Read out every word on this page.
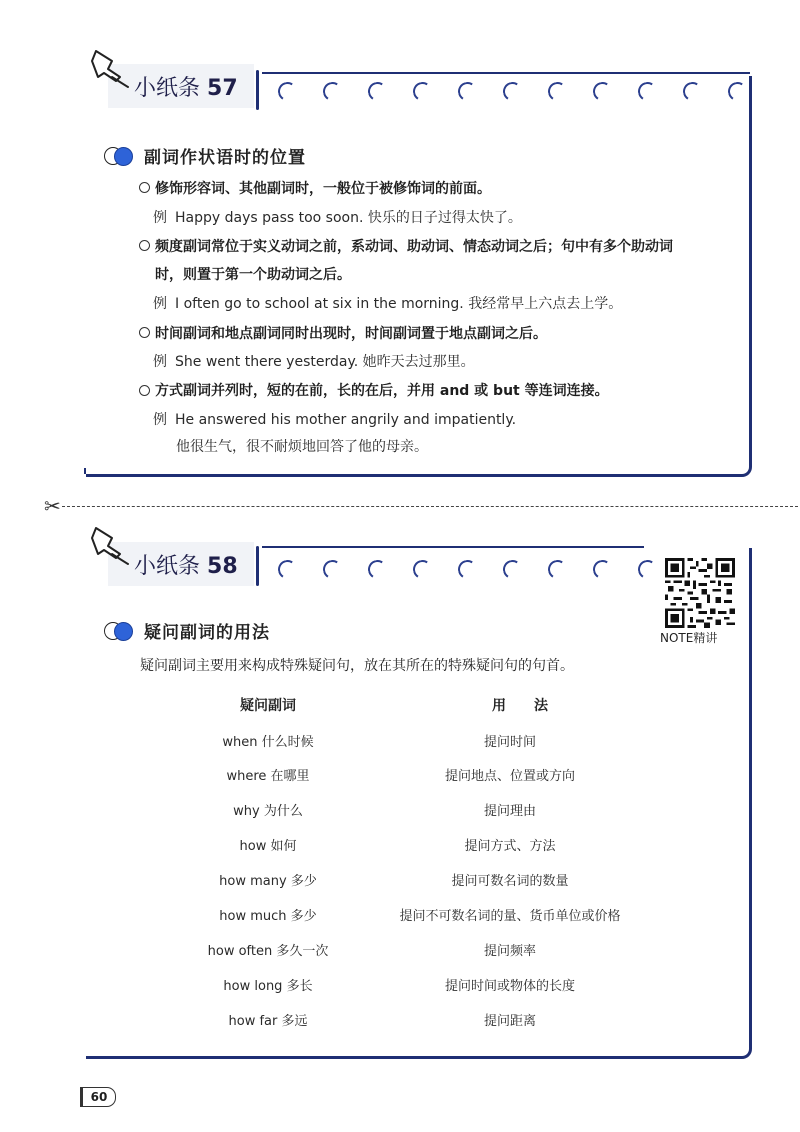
小纸条 57
副词作状语时的位置
修饰形容词、其他副词时，一般位于被修饰词的前面。
例 Happy days pass too soon. 快乐的日子过得太快了。
频度副词常位于实义动词之前，系动词、助动词、情态动词之后；句中有多个助动词
时，则置于第一个助动词之后。
例 I often go to school at six in the morning. 我经常早上六点去上学。
时间副词和地点副词同时出现时，时间副词置于地点副词之后。
例 She went there yesterday. 她昨天去过那里。
方式副词并列时，短的在前，长的在后，并用 and 或 but 等连词连接。
例 He answered his mother angrily and impatiently.
他很生气，很不耐烦地回答了他的母亲。
✂
小纸条 58
NOTE精讲
疑问副词的用法
疑问副词主要用来构成特殊疑问句，放在其所在的特殊疑问句的句首。
疑问副词	用　　法
when 什么时候	提问时间
where 在哪里	提问地点、位置或方向
why 为什么	提问理由
how 如何	提问方式、方法
how many 多少	提问可数名词的数量
how much 多少	提问不可数名词的量、货币单位或价格
how often 多久一次	提问频率
how long 多长	提问时间或物体的长度
how far 多远	提问距离
60
